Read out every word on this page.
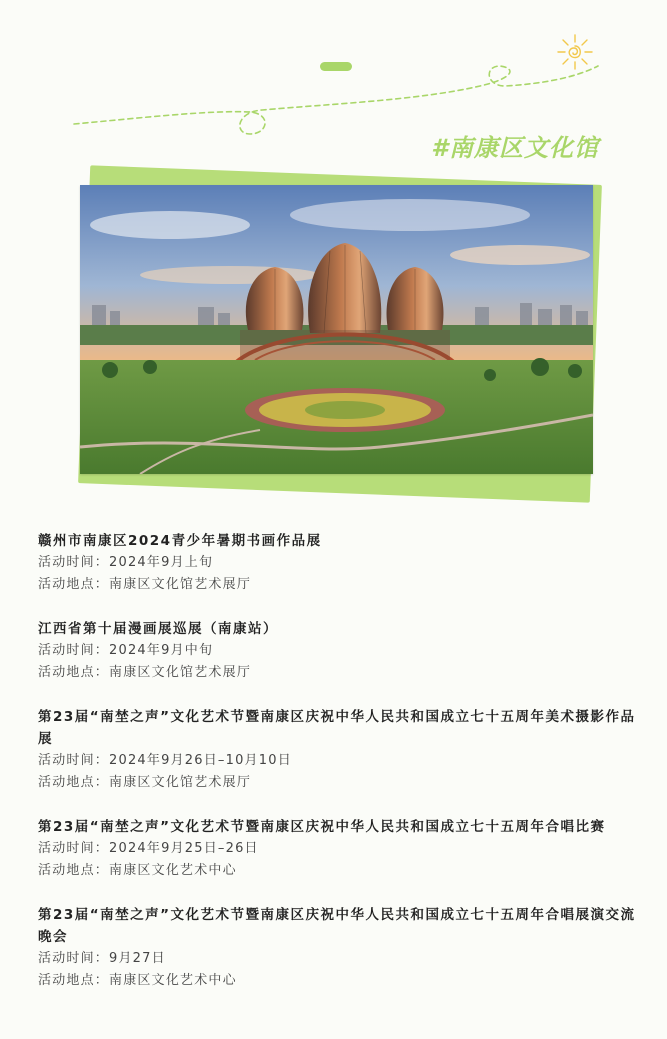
#南康区文化馆
赣州市南康区2024青少年暑期书画作品展
活动时间：2024年9月上旬
活动地点：南康区文化馆艺术展厅
江西省第十届漫画展巡展（南康站）
活动时间：2024年9月中旬
活动地点：南康区文化馆艺术展厅
第23届“南埜之声”文化艺术节暨南康区庆祝中华人民共和国成立七十五周年美术摄影作品展
活动时间：2024年9月26日–10月10日
活动地点：南康区文化馆艺术展厅
第23届“南埜之声”文化艺术节暨南康区庆祝中华人民共和国成立七十五周年合唱比赛
活动时间：2024年9月25日–26日
活动地点：南康区文化艺术中心
第23届“南埜之声”文化艺术节暨南康区庆祝中华人民共和国成立七十五周年合唱展演交流晚会
活动时间：9月27日
活动地点：南康区文化艺术中心
